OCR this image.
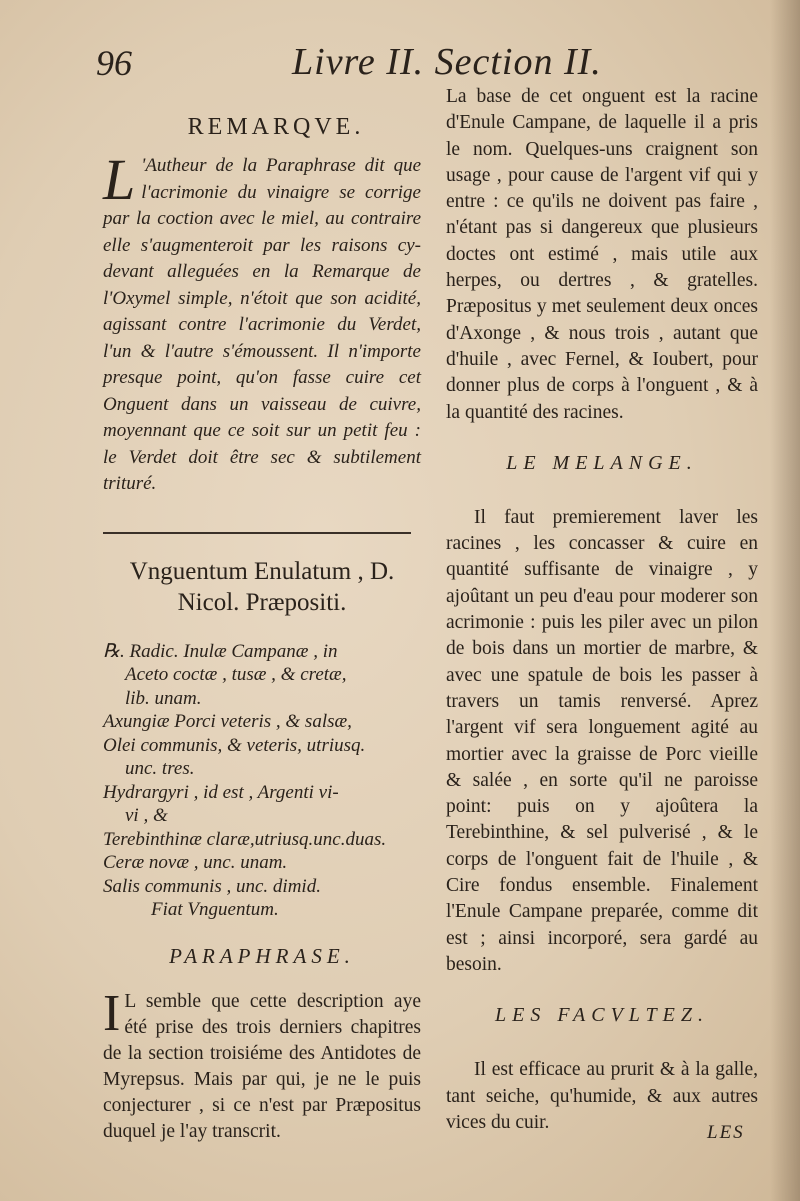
96	Livre II. Section II.
REMARQVE.
L 'Autheur de la Paraphrase dit que l'acrimonie du vinaigre se corrige par la coction avec le miel, au contraire elle s'augmenteroit par les raisons cy-devant alleguées en la Remarque de l'Oxymel simple, n'étoit que son acidité, agissant contre l'acrimonie du Verdet, l'un & l'autre s'émoussent. Il n'importe presque point, qu'on fasse cuire cet Onguent dans un vaisseau de cuivre, moyennant que ce soit sur un petit feu : le Verdet doit être sec & subtilement trituré.
Vnguentum Enulatum , D.
Nicol. Præpositi.
℞. Radic. Inulæ Campanæ , in
Aceto coctæ , tusæ , & cretæ,
lib. unam.
Axungiæ Porci veteris , & salsæ,
Olei communis, & veteris, utriusq.
unc. tres.
Hydrargyri , id est , Argenti vi-
vi , &
Terebinthinæ claræ,utriusq.unc.duas.
Ceræ novæ , unc. unam.
Salis communis , unc. dimid.
Fiat Vnguentum.
PARAPHRASE.
I L semble que cette description aye été prise des trois derniers chapitres de la section troisiéme des Antidotes de Myrepsus. Mais par qui, je ne le puis conjecturer , si ce n'est par Præpositus duquel je l'ay transcrit.
La base de cet onguent est la racine d'Enule Campane, de laquelle il a pris le nom. Quelques-uns craignent son usage , pour cause de l'argent vif qui y entre : ce qu'ils ne doivent pas faire , n'étant pas si dangereux que plusieurs doctes ont estimé , mais utile aux herpes, ou dertres , & gratelles. Præpositus y met seulement deux onces d'Axonge , & nous trois , autant que d'huile , avec Fernel, & Ioubert, pour donner plus de corps à l'onguent , & à la quantité des racines.
LE MELANGE.
Il faut premierement laver les racines , les concasser & cuire en quantité suffisante de vinaigre , y ajoûtant un peu d'eau pour moderer son acrimonie : puis les piler avec un pilon de bois dans un mortier de marbre, & avec une spatule de bois les passer à travers un tamis renversé. Aprez l'argent vif sera longuement agité au mortier avec la graisse de Porc vieille & salée , en sorte qu'il ne paroisse point: puis on y ajoûtera la Terebinthine, & sel pulverisé , & le corps de l'onguent fait de l'huile , & Cire fondus ensemble. Finalement l'Enule Campane preparée, comme dit est ; ainsi incorporé, sera gardé au besoin.
LES FACVLTEZ.
Il est efficace au prurit & à la galle, tant seiche, qu'humide, & aux autres vices du cuir.	LES
